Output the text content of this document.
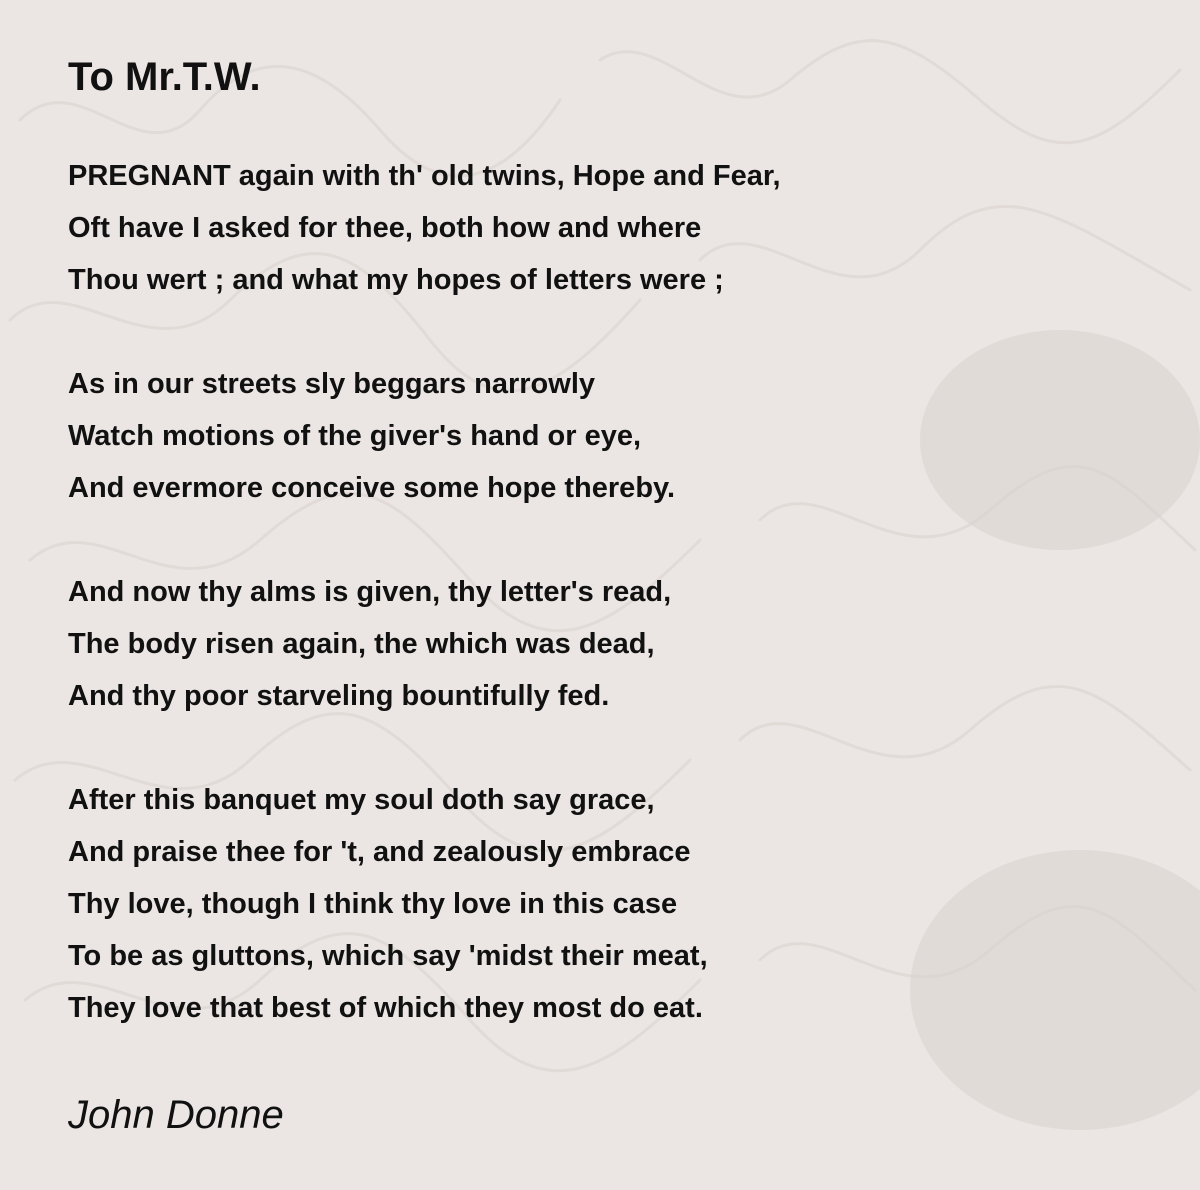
To Mr.T.W.
PREGNANT again with th' old twins, Hope and Fear,
Oft have I asked for thee, both how and where
Thou wert ; and what my hopes of letters were ;
As in our streets sly beggars narrowly
Watch motions of the giver's hand or eye,
And evermore conceive some hope thereby.
And now thy alms is given, thy letter's read,
The body risen again, the which was dead,
And thy poor starveling bountifully fed.
After this banquet my soul doth say grace,
And praise thee for 't, and zealously embrace
Thy love, though I think thy love in this case
To be as gluttons, which say 'midst their meat,
They love that best of which they most do eat.
John Donne
